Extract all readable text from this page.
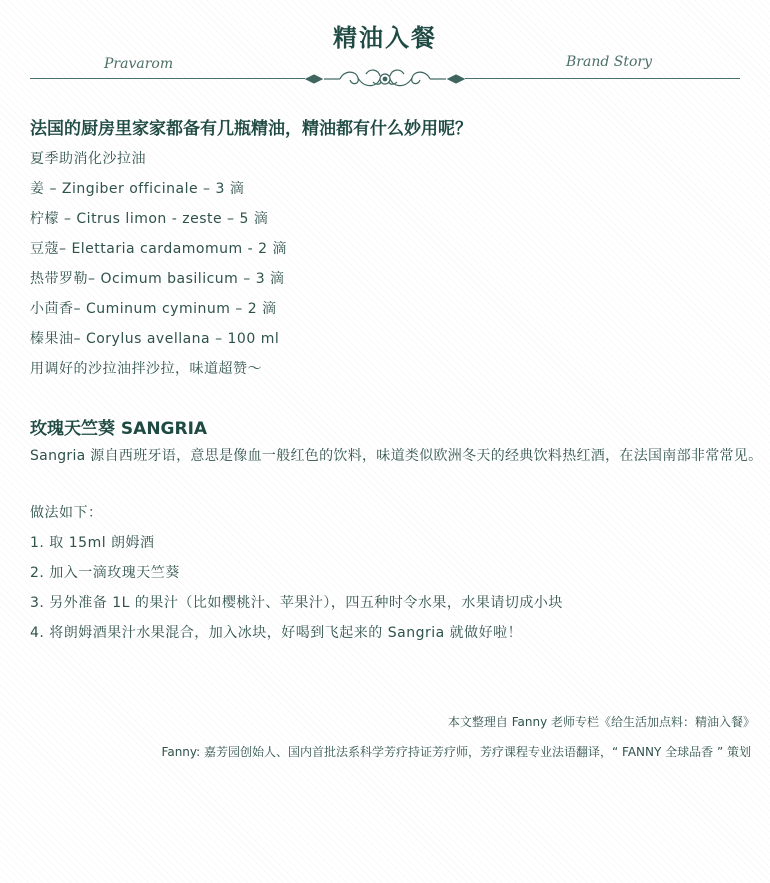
精油入餐
Pravarom	Brand Story
法国的厨房里家家都备有几瓶精油，精油都有什么妙用呢？
夏季助消化沙拉油
姜 – Zingiber officinale – 3 滴
柠檬 – Citrus limon - zeste – 5 滴
豆蔻– Elettaria cardamomum - 2 滴
热带罗勒– Ocimum basilicum – 3 滴
小茴香– Cuminum cyminum – 2 滴
榛果油– Corylus avellana – 100 ml
用调好的沙拉油拌沙拉，味道超赞～
玫瑰天竺葵 SANGRIA
Sangria 源自西班牙语，意思是像血一般红色的饮料，味道类似欧洲冬天的经典饮料热红酒，在法国南部非常常见。
做法如下：
1. 取 15ml 朗姆酒
2. 加入一滴玫瑰天竺葵
3. 另外准备 1L 的果汁（比如樱桃汁、苹果汁），四五种时令水果，水果请切成小块
4. 将朗姆酒果汁水果混合，加入冰块，好喝到飞起来的 Sangria 就做好啦！
本文整理自 Fanny 老师专栏《给生活加点料：精油入餐》
Fanny: 嘉芳园创始人、国内首批法系科学芳疗持证芳疗师，芳疗课程专业法语翻译，“ FANNY 全球品香 ” 策划
